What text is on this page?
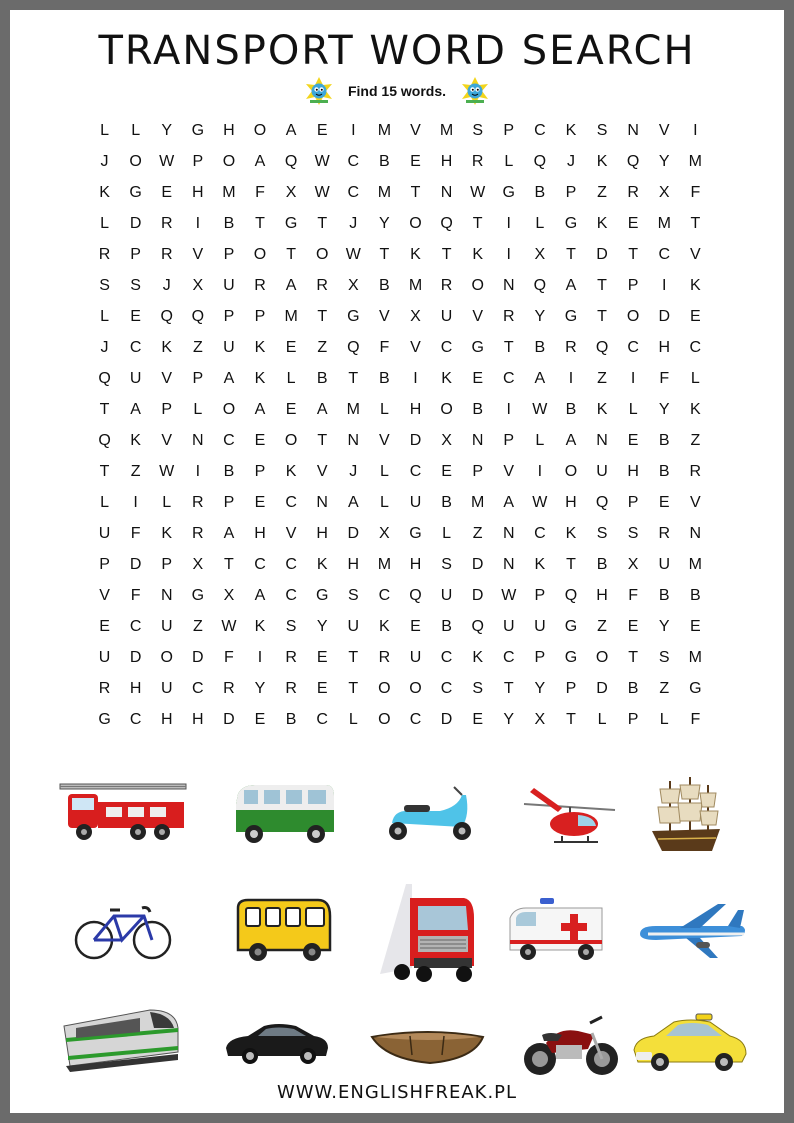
TRANSPORT WORD SEARCH
Find 15 words.
L	L	Y	G	H	O	A	E	I	M	V	M	S	P	C	K	S	N	V	I
J	O	W	P	O	A	Q	W	C	B	E	H	R	L	Q	J	K	Q	Y	M
K	G	E	H	M	F	X	W	C	M	T	N	W	G	B	P	Z	R	X	F
L	D	R	I	B	T	G	T	J	Y	O	Q	T	I	L	G	K	E	M	T
R	P	R	V	P	O	T	O	W	T	K	T	K	I	X	T	D	T	C	V
S	S	J	X	U	R	A	R	X	B	M	R	O	N	Q	A	T	P	I	K
L	E	Q	Q	P	P	M	T	G	V	X	U	V	R	Y	G	T	O	D	E
J	C	K	Z	U	K	E	Z	Q	F	V	C	G	T	B	R	Q	C	H	C
Q	U	V	P	A	K	L	B	T	B	I	K	E	C	A	I	Z	I	F	L
T	A	P	L	O	A	E	A	M	L	H	O	B	I	W	B	K	L	Y	K
Q	K	V	N	C	E	O	T	N	V	D	X	N	P	L	A	N	E	B	Z
T	Z	W	I	B	P	K	V	J	L	C	E	P	V	I	O	U	H	B	R
L	I	L	R	P	E	C	N	A	L	U	B	M	A	W	H	Q	P	E	V
U	F	K	R	A	H	V	H	D	X	G	L	Z	N	C	K	S	S	R	N
P	D	P	X	T	C	C	K	H	M	H	S	D	N	K	T	B	X	U	M
V	F	N	G	X	A	C	G	S	C	Q	U	D	W	P	Q	H	F	B	B
E	C	U	Z	W	K	S	Y	U	K	E	B	Q	U	U	G	Z	E	Y	E
U	D	O	D	F	I	R	E	T	R	U	C	K	C	P	G	O	T	S	M
R	H	U	C	R	Y	R	E	T	O	O	C	S	T	Y	P	D	B	Z	G
G	C	H	H	D	E	B	C	L	O	C	D	E	Y	X	T	L	P	L	F
WWW.ENGLISHFREAK.PL
